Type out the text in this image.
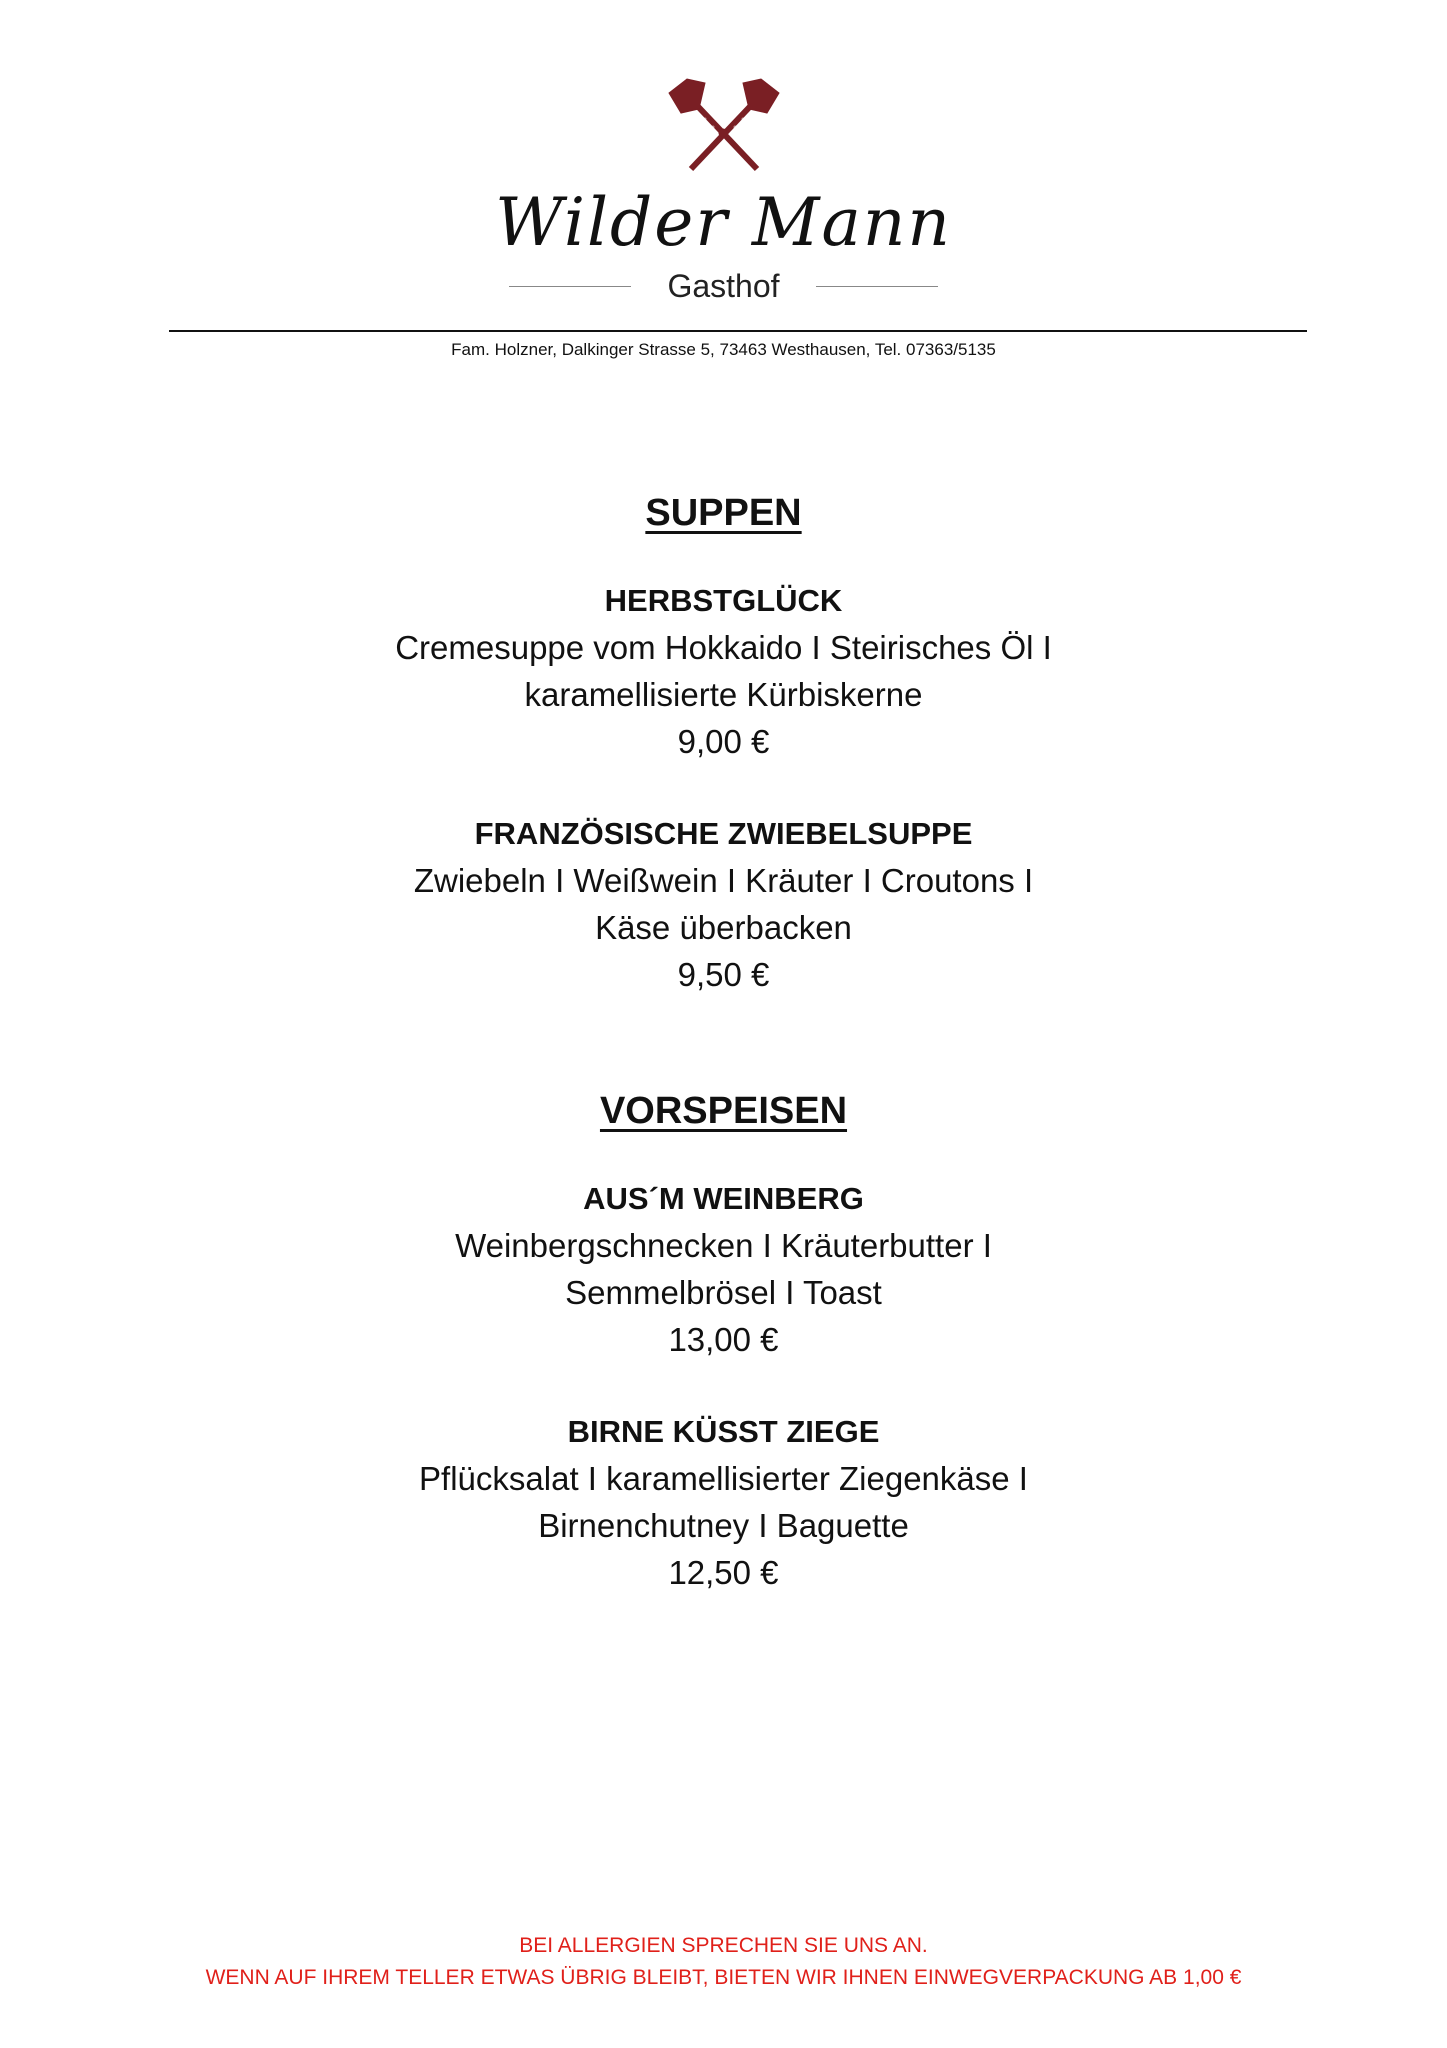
Wilder Mann
Gasthof
Fam. Holzner, Dalkinger Strasse 5, 73463 Westhausen, Tel. 07363/5135
SUPPEN
HERBSTGLÜCK
Cremesuppe vom Hokkaido I Steirisches Öl I
karamellisierte Kürbiskerne
9,00 €
FRANZÖSISCHE ZWIEBELSUPPE
Zwiebeln I Weißwein I Kräuter I Croutons I
Käse überbacken
9,50 €
VORSPEISEN
AUS´M WEINBERG
Weinbergschnecken I Kräuterbutter I
Semmelbrösel I Toast
13,00 €
BIRNE KÜSST ZIEGE
Pflücksalat I karamellisierter Ziegenkäse I
Birnenchutney I Baguette
12,50 €
BEI ALLERGIEN SPRECHEN SIE UNS AN.
WENN AUF IHREM TELLER ETWAS ÜBRIG BLEIBT, BIETEN WIR IHNEN EINWEGVERPACKUNG AB 1,00 €
